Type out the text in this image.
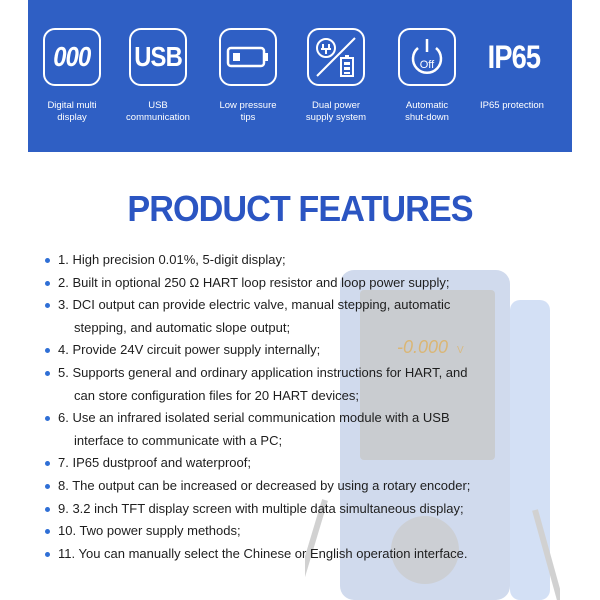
000
Digital multi
display
USB
USB
communication
Low pressure
tips
Dual power
supply system
Off
Automatic
shut-down
IP65
IP65 protection
PRODUCT FEATURES
-0.000 V
1. High precision 0.01%, 5-digit display;
2. Built in optional 250 Ω HART loop resistor and loop power supply;
3. DCI output can provide electric valve, manual stepping, automatic
stepping, and automatic slope output;
4. Provide 24V circuit power supply internally;
5. Supports general and ordinary application instructions for HART, and
can store configuration files for 20 HART devices;
6. Use an infrared isolated serial communication module with a USB
interface to communicate with a PC;
7. IP65 dustproof and waterproof;
8. The output can be increased or decreased by using a rotary encoder;
9. 3.2 inch TFT display screen with multiple data simultaneous display;
10. Two power supply methods;
11. You can manually select the Chinese or English operation interface.
